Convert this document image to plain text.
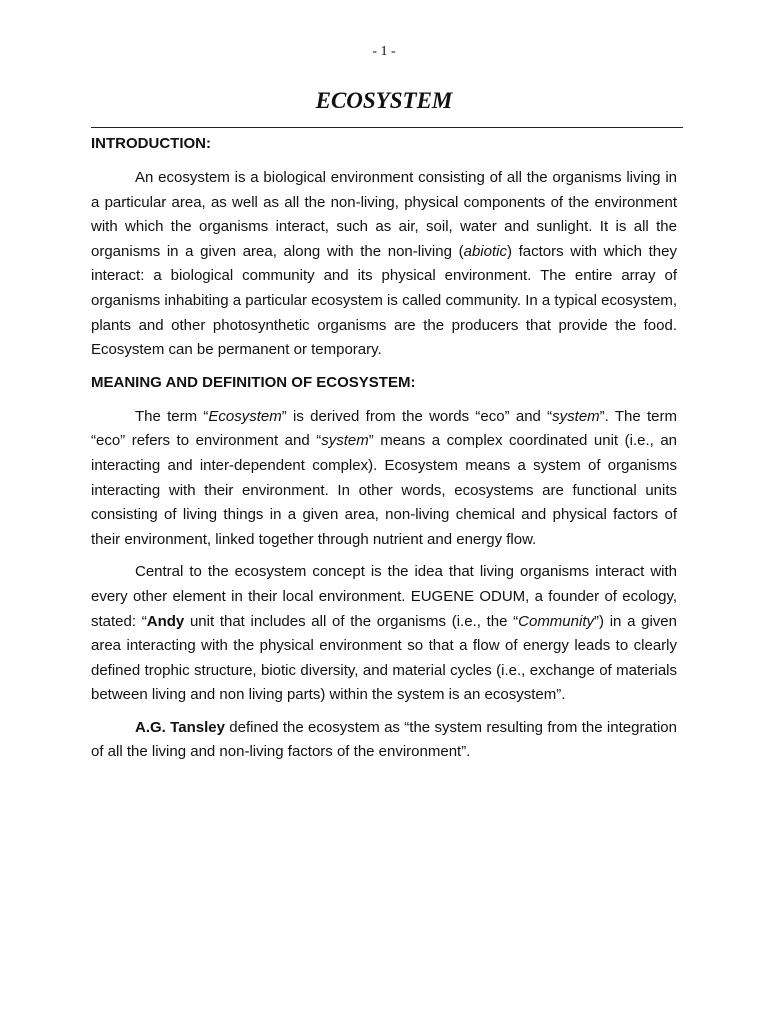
- 1 -
ECOSYSTEM
INTRODUCTION:

An ecosystem is a biological environment consisting of all the organisms living in a particular area, as well as all the non-living, physical components of the environment with which the organisms interact, such as air, soil, water and sunlight. It is all the organisms in a given area, along with the non-living (abiotic) factors with which they interact: a biological community and its physical environment. The entire array of organisms inhabiting a particular ecosystem is called community. In a typical ecosystem, plants and other photosynthetic organisms are the producers that provide the food. Ecosystem can be permanent or temporary.

MEANING AND DEFINITION OF ECOSYSTEM:

The term “Ecosystem” is derived from the words “eco” and “system”. The term “eco” refers to environment and “system” means a complex coordinated unit (i.e., an interacting and inter-dependent complex). Ecosystem means a system of organisms interacting with their environment. In other words, ecosystems are functional units consisting of living things in a given area, non-living chemical and physical factors of their environment, linked together through nutrient and energy flow.

Central to the ecosystem concept is the idea that living organisms interact with every other element in their local environment. EUGENE ODUM, a founder of ecology, stated: “Andy unit that includes all of the organisms (i.e., the “Community”) in a given area interacting with the physical environment so that a flow of energy leads to clearly defined trophic structure, biotic diversity, and material cycles (i.e., exchange of materials between living and non living parts) within the system is an ecosystem”.

A.G. Tansley defined the ecosystem as “the system resulting from the integration of all the living and non-living factors of the environment”.
